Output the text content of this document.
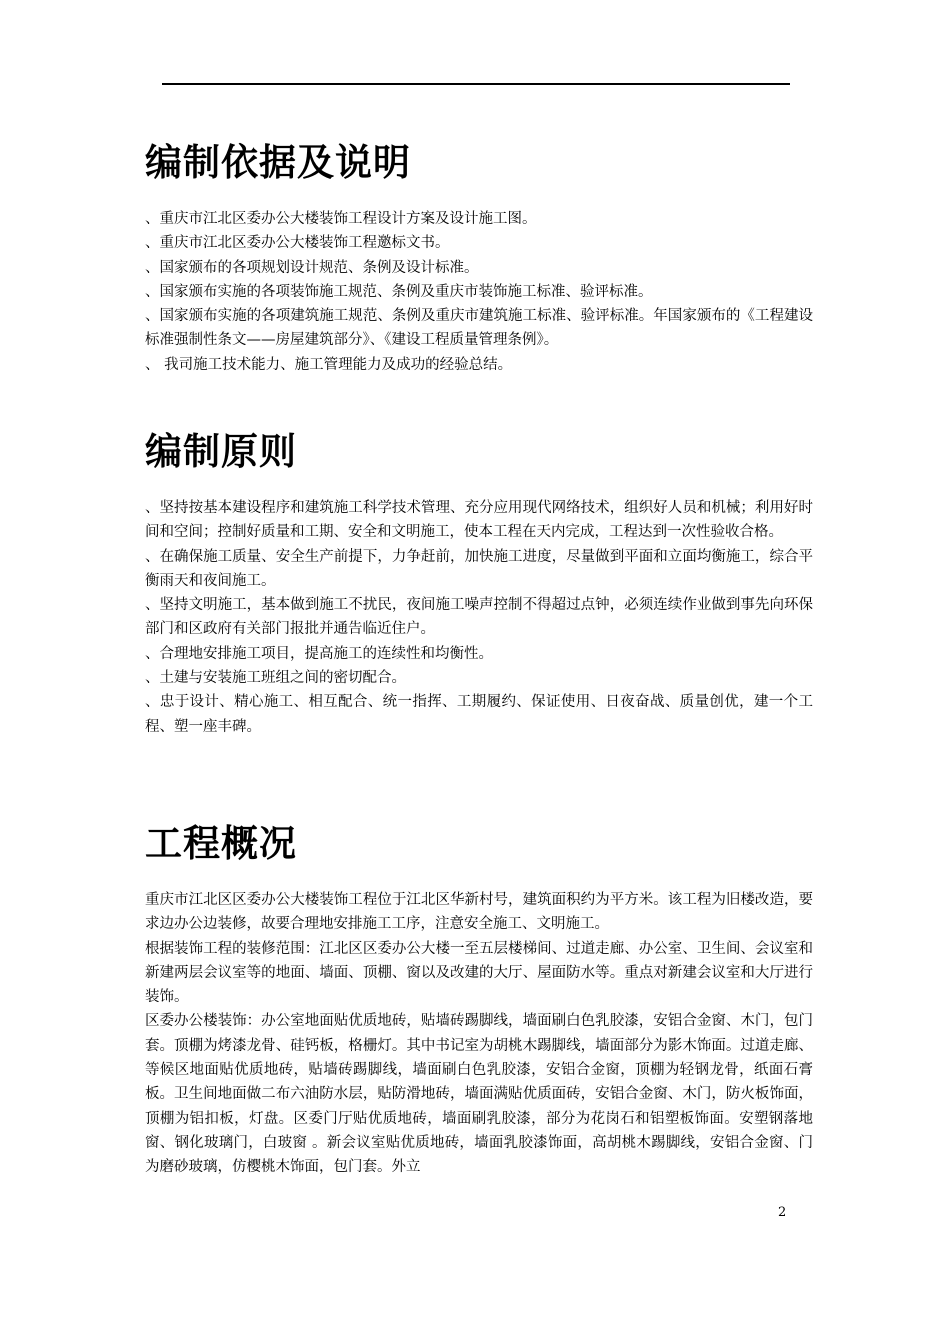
编制依据及说明

、重庆市江北区委办公大楼装饰工程设计方案及设计施工图。

、重庆市江北区委办公大楼装饰工程邀标文书。

、国家颁布的各项规划设计规范、条例及设计标准。

、国家颁布实施的各项装饰施工规范、条例及重庆市装饰施工标准、验评标准。

、国家颁布实施的各项建筑施工规范、条例及重庆市建筑施工标准、验评标准。年国家颁布的《工程建设标准强制性条文——房屋建筑部分》、《建设工程质量管理条例》。

、 我司施工技术能力、施工管理能力及成功的经验总结。

编制原则

、坚持按基本建设程序和建筑施工科学技术管理、充分应用现代网络技术，组织好人员和机械；利用好时间和空间；控制好质量和工期、安全和文明施工，使本工程在天内完成，工程达到一次性验收合格。

、在确保施工质量、安全生产前提下，力争赶前，加快施工进度，尽量做到平面和立面均衡施工，综合平衡雨天和夜间施工。

、坚持文明施工，基本做到施工不扰民，夜间施工噪声控制不得超过点钟，必须连续作业做到事先向环保部门和区政府有关部门报批并通告临近住户。

、合理地安排施工项目，提高施工的连续性和均衡性。

、土建与安装施工班组之间的密切配合。

、忠于设计、精心施工、相互配合、统一指挥、工期履约、保证使用、日夜奋战、质量创优，建一个工程、塑一座丰碑。

工程概况

重庆市江北区区委办公大楼装饰工程位于江北区华新村号，建筑面积约为平方米。该工程为旧楼改造，要求边办公边装修，故要合理地安排施工工序，注意安全施工、文明施工。

根据装饰工程的装修范围：江北区区委办公大楼一至五层楼梯间、过道走廊、办公室、卫生间、会议室和新建两层会议室等的地面、墙面、顶棚、窗以及改建的大厅、屋面防水等。重点对新建会议室和大厅进行装饰。

区委办公楼装饰：办公室地面贴优质地砖，贴墙砖踢脚线，墙面刷白色乳胶漆，安铝合金窗、木门，包门套。顶棚为烤漆龙骨、硅钙板，格栅灯。其中书记室为胡桃木踢脚线，墙面部分为影木饰面。过道走廊、等候区地面贴优质地砖，贴墙砖踢脚线，墙面刷白色乳胶漆，安铝合金窗，顶棚为轻钢龙骨，纸面石膏板。卫生间地面做二布六油防水层，贴防滑地砖，墙面满贴优质面砖，安铝合金窗、木门，防火板饰面，顶棚为铝扣板，灯盘。区委门厅贴优质地砖，墙面刷乳胶漆，部分为花岗石和铝塑板饰面。安塑钢落地窗、钢化玻璃门，白玻窗 。新会议室贴优质地砖，墙面乳胶漆饰面，高胡桃木踢脚线，安铝合金窗、门为磨砂玻璃，仿樱桃木饰面，包门套。外立

2
